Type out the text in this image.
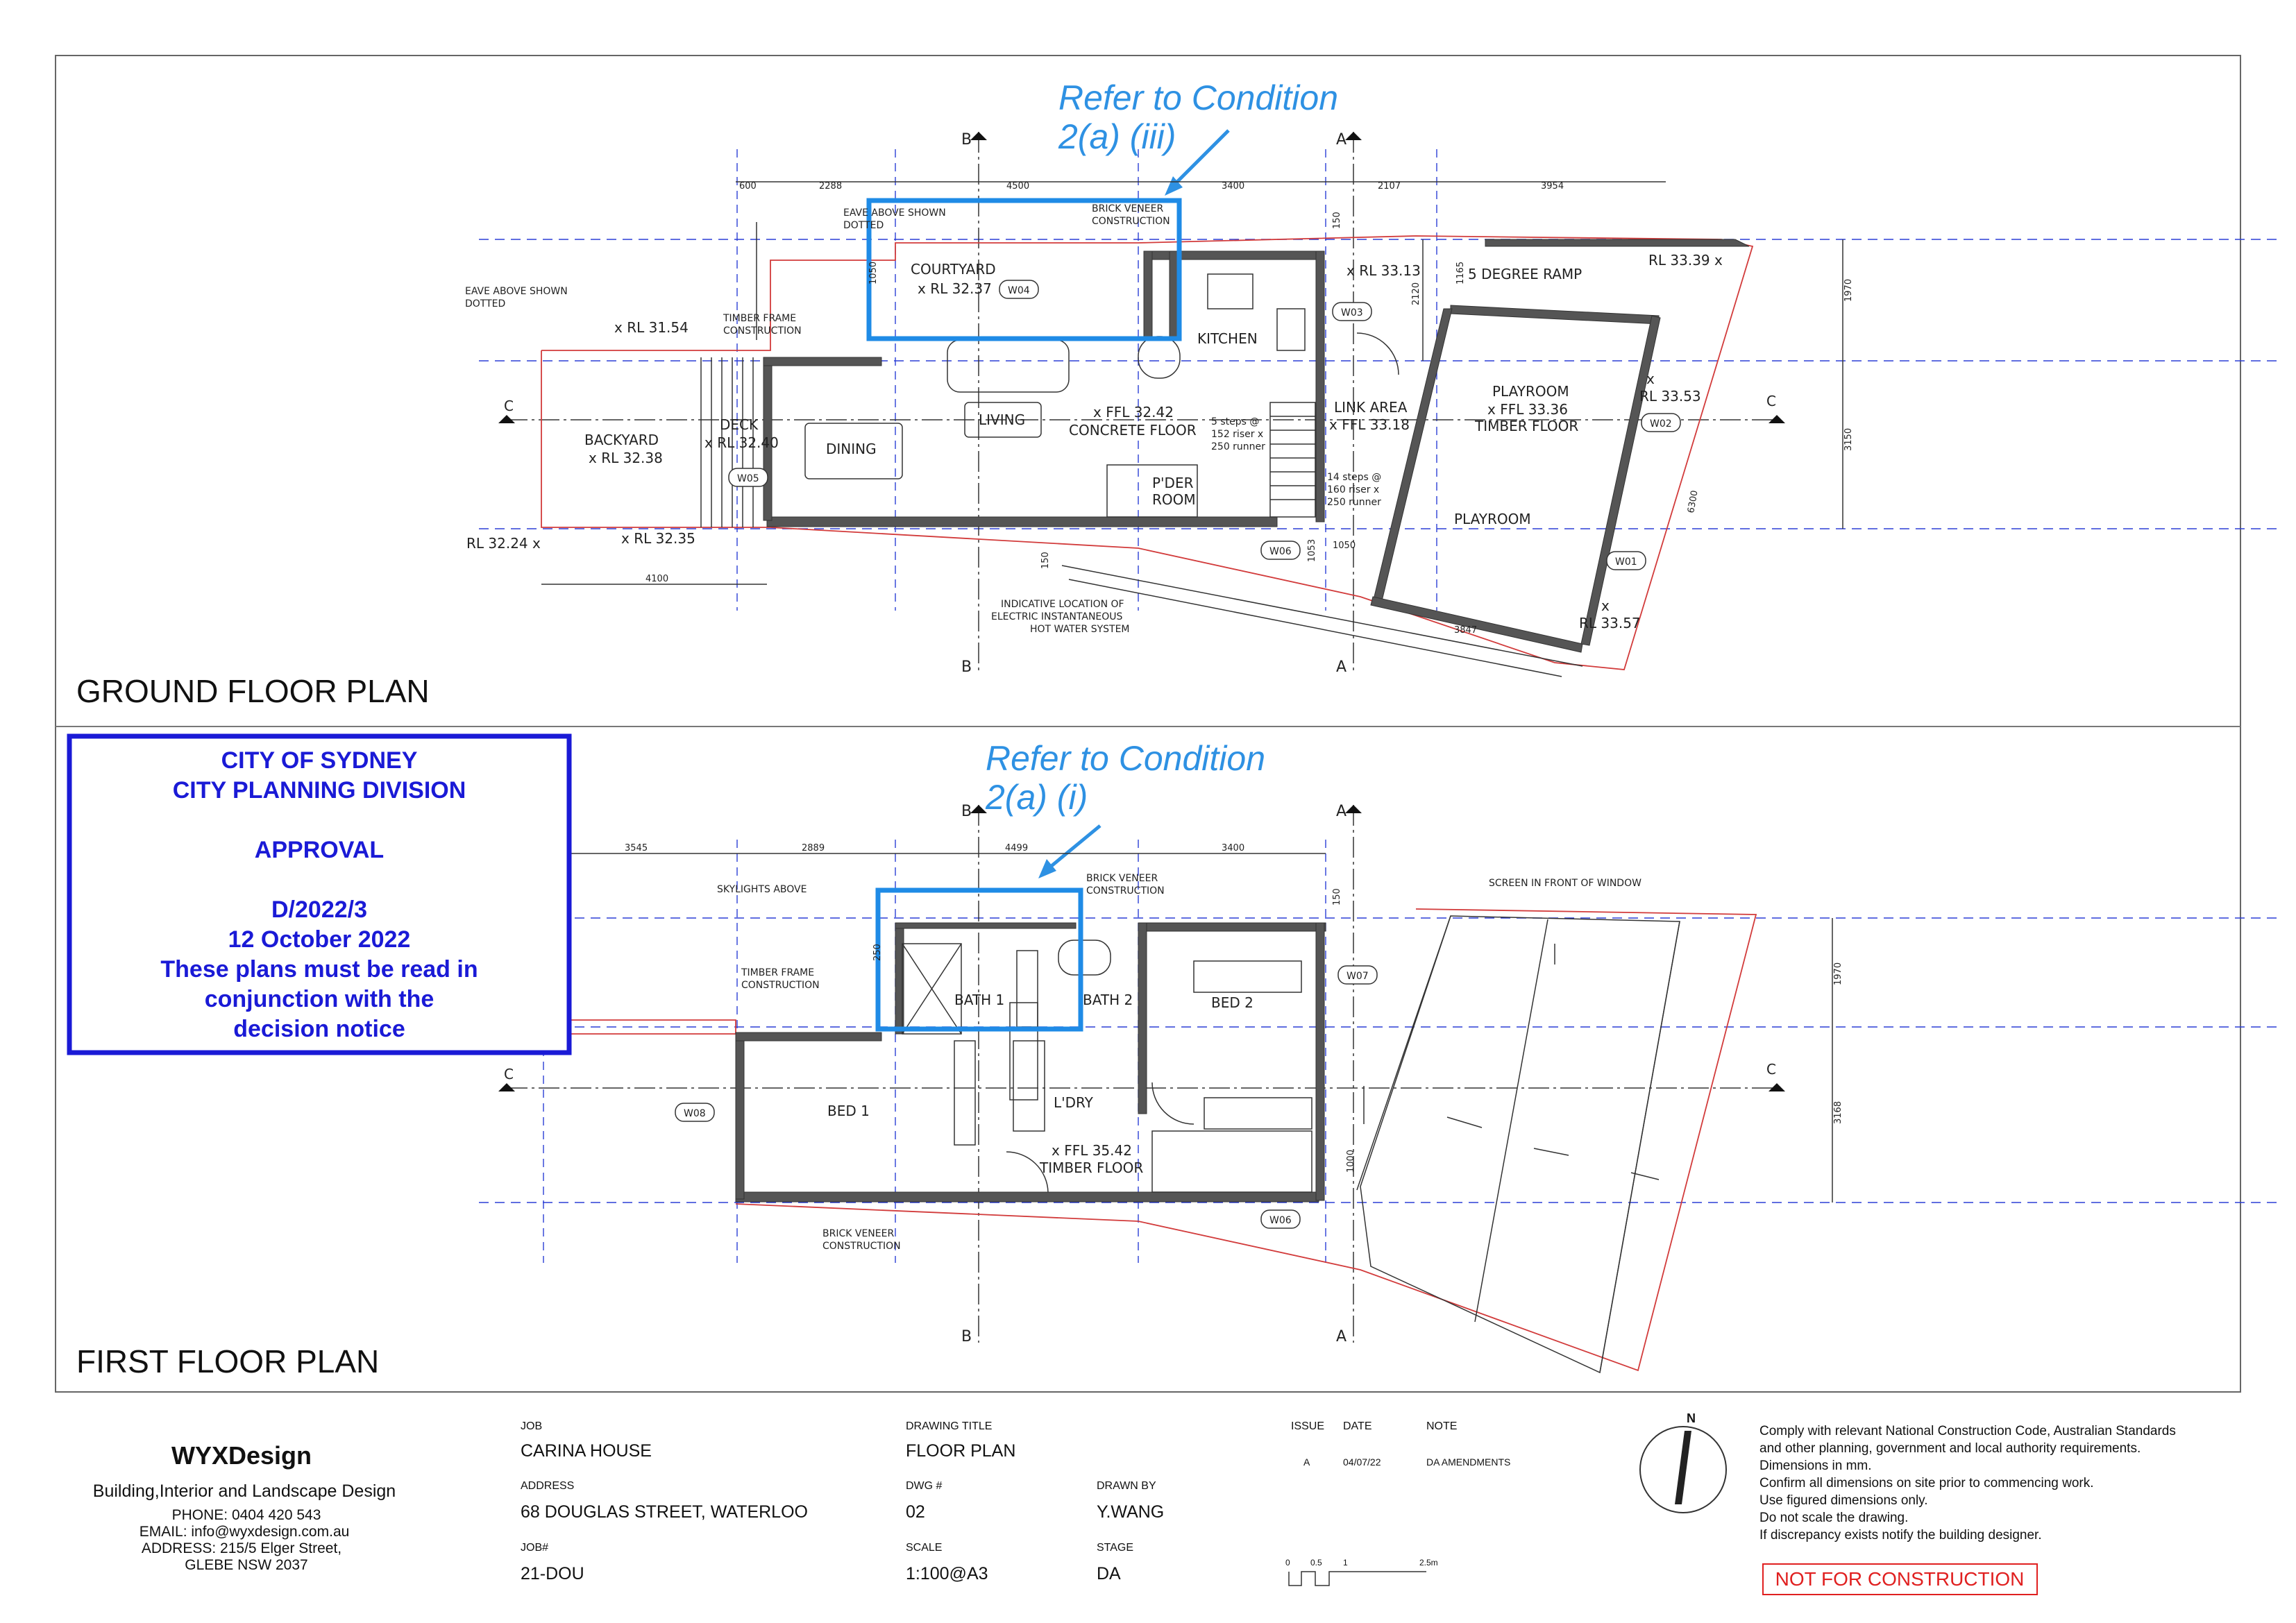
Refer to Condition
2(a) (iii)
B	A
B	A
C	C
600	2288	4500	3400	2107	3954
4100
3847
1970
3150
6300
1050
1165
2120
1053
150
150
1050 COURTYARD
x RL 32.37
KITCHEN
LIVING
DINING
BACKYARD
x RL 32.38
DECK
x RL 32.40
x FFL 32.42
CONCRETE FLOOR
P'DER
ROOM
LINK AREA
x FFL 33.18
PLAYROOM
x FFL 33.36
TIMBER FLOOR
PLAYROOM
5 DEGREE RAMP
x RL 31.54
RL 32.24 x	x RL 32.35
x RL 33.13
RL 33.39 x
x
RL 33.53
x
RL 33.57
EAVE ABOVE SHOWN
DOTTED
EAVE ABOVE SHOWN
DOTTED
BRICK VENEER
CONSTRUCTION
TIMBER FRAME
CONSTRUCTION
5 steps @
152 riser x
250 runner
14 steps @
160 riser x
250 runner
INDICATIVE LOCATION OF
ELECTRIC INSTANTANEOUS
HOT WATER SYSTEM
W04
W03
W02
W05
W06
W01
GROUND FLOOR PLAN
Refer to Condition
2(a) (i)
B	A
B	A
C	C
3545	2889	4499	3400
1970
3168
250
150
1000
BATH 1	BATH 2
BED 1
BED 2
L'DRY
x FFL 35.42
TIMBER FLOOR
SKYLIGHTS ABOVE
BRICK VENEER
CONSTRUCTION
TIMBER FRAME
CONSTRUCTION
SCREEN IN FRONT OF WINDOW
BRICK VENEER
CONSTRUCTION
W07
W08
W06
FIRST FLOOR PLAN
CITY OF SYDNEY
CITY PLANNING DIVISION
APPROVAL
D/2022/3
12 October 2022
These plans must be read in
conjunction with the
decision notice
WYXDesign
Building,Interior and Landscape Design
PHONE: 0404 420 543
EMAIL: info@wyxdesign.com.au
ADDRESS: 215/5 Elger Street,
GLEBE NSW 2037
JOB
CARINA HOUSE
ADDRESS
68 DOUGLAS STREET, WATERLOO
JOB#
21-DOU
DRAWING TITLE
FLOOR PLAN
DWG #
02
SCALE
1:100@A3
DRAWN BY
Y.WANG
STAGE
DA
ISSUE DATE	NOTE
A	04/07/22	DA AMENDMENTS
0 0.5	1	2.5m
N
Comply with relevant National Construction Code, Australian Standards
and other planning, government and local authority requirements.
Dimensions in mm.
Confirm all dimensions on site prior to commencing work.
Use figured dimensions only.
Do not scale the drawing.
If discrepancy exists notify the building designer.
NOT FOR CONSTRUCTION
